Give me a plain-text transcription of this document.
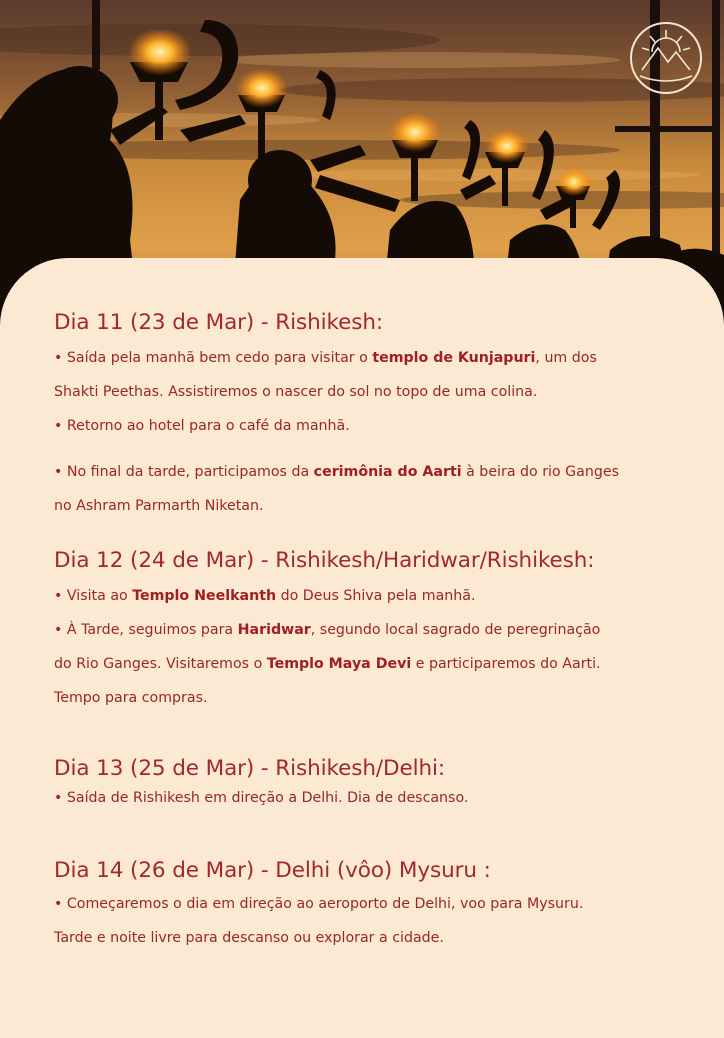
Dia 11 (23 de Mar) - Rishikesh:

• Saída pela manhã bem cedo para visitar o templo de Kunjapuri, um dos

Shakti Peethas. Assistiremos o nascer do sol no topo de uma colina.

• Retorno ao hotel para o café da manhã.

• No final da tarde, participamos da cerimônia do Aarti à beira do rio Ganges

no Ashram Parmarth Niketan.

Dia 12 (24 de Mar) - Rishikesh/Haridwar/Rishikesh:

• Visita ao Templo Neelkanth do Deus Shiva pela manhã.

• À Tarde, seguimos para Haridwar, segundo local sagrado de peregrinação

do Rio Ganges. Visitaremos o Templo Maya Devi e participaremos do Aarti.

Tempo para compras.

Dia 13 (25 de Mar) - Rishikesh/Delhi:

• Saída de Rishikesh em direção a Delhi. Dia de descanso.

Dia 14 (26 de Mar) - Delhi (vôo) Mysuru :

• Começaremos o dia em direção ao aeroporto de Delhi, voo para Mysuru.

Tarde e noite livre para descanso ou explorar a cidade.
